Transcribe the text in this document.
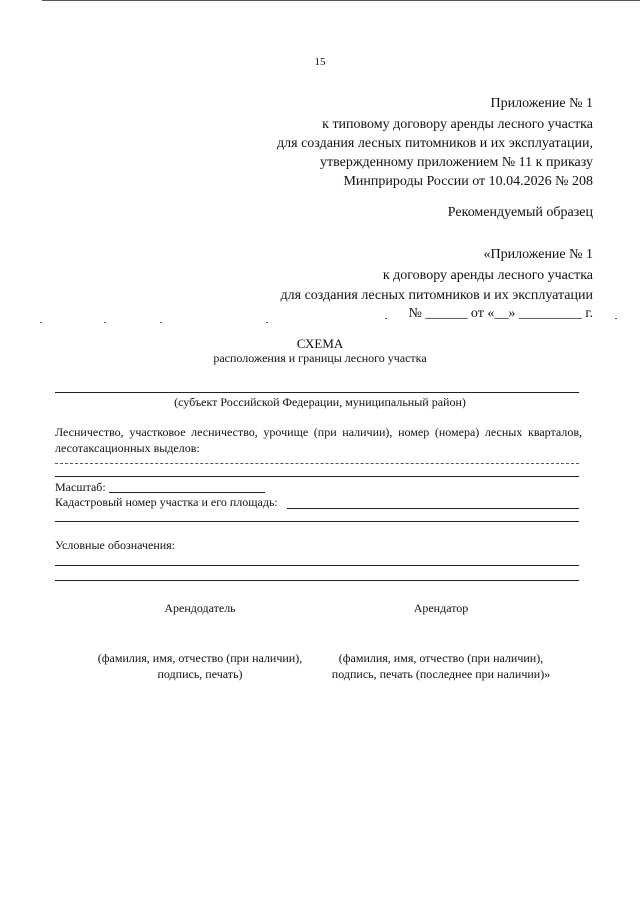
15
Приложение № 1
к типовому договору аренды лесного участка
для создания лесных питомников и их эксплуатации,
утвержденному приложением № 11 к приказу
Минприроды России от 10.04.2026 № 208
Рекомендуемый образец
«Приложение № 1
к договору аренды лесного участка
для создания лесных питомников и их эксплуатации
№ ______ от «__» _________ г.
СХЕМА
расположения и границы лесного участка
(субъект Российской Федерации, муниципальный район)
Лесничество, участковое лесничество, урочище (при наличии), номер (номера) лесных кварталов, лесотаксационных выделов:
Масштаб:
Кадастровый номер участка и его площадь:
Условные обозначения:
Арендодатель	Арендатор
(фамилия, имя, отчество (при наличии), подпись, печать)
(фамилия, имя, отчество (при наличии), подпись, печать (последнее при наличии)»
